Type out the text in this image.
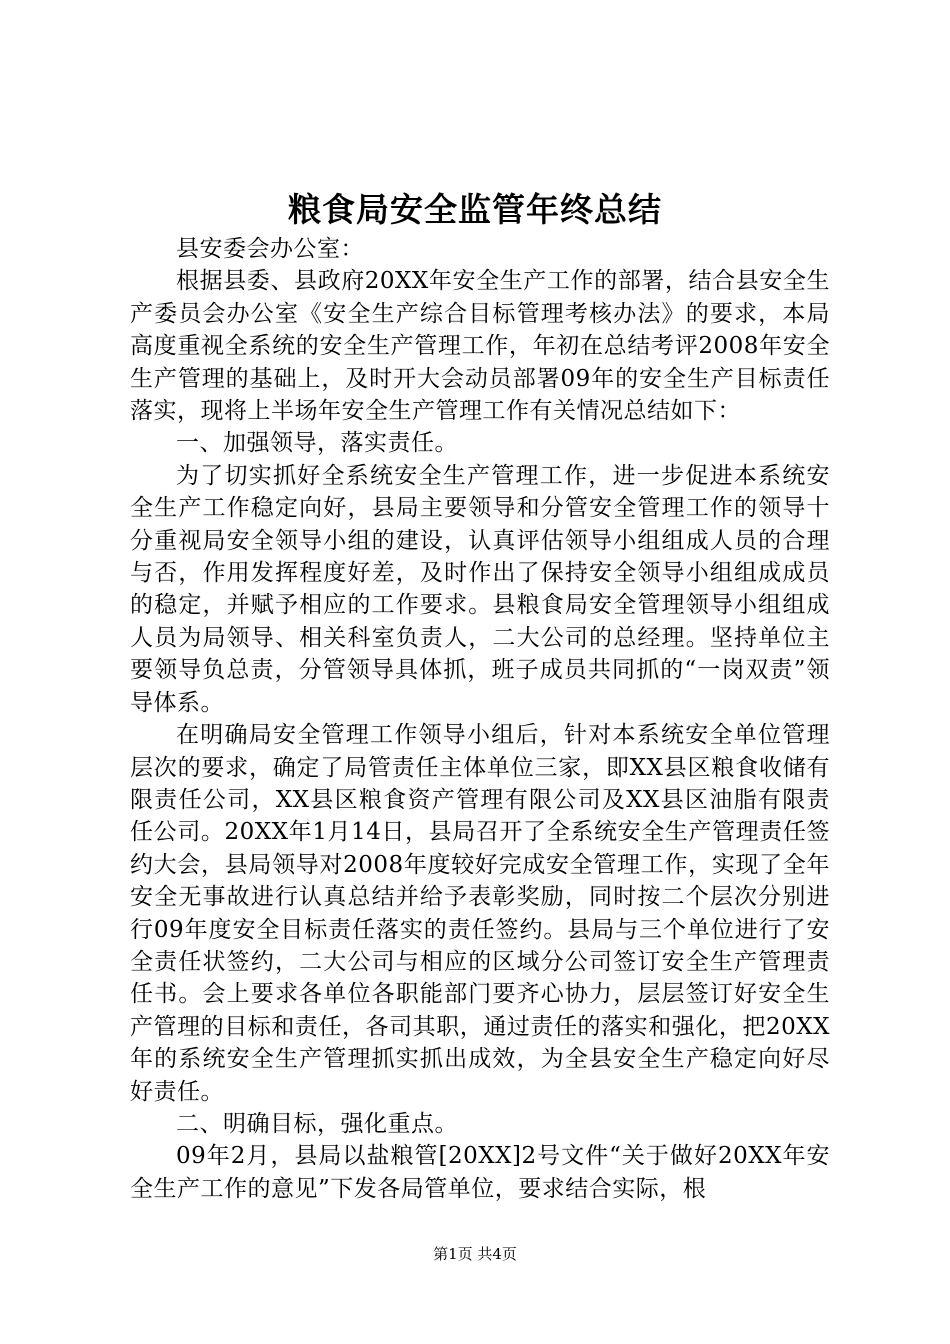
粮食局安全监管年终总结

县安委会办公室：

根据县委、县政府20XX年安全生产工作的部署，结合县安全生产委员会办公室《安全生产综合目标管理考核办法》的要求，本局高度重视全系统的安全生产管理工作，年初在总结考评2008年安全生产管理的基础上，及时开大会动员部署09年的安全生产目标责任落实，现将上半场年安全生产管理工作有关情况总结如下：

一、加强领导，落实责任。

为了切实抓好全系统安全生产管理工作，进一步促进本系统安全生产工作稳定向好，县局主要领导和分管安全管理工作的领导十分重视局安全领导小组的建设，认真评估领导小组组成人员的合理与否，作用发挥程度好差，及时作出了保持安全领导小组组成成员的稳定，并赋予相应的工作要求。县粮食局安全管理领导小组组成人员为局领导、相关科室负责人，二大公司的总经理。坚持单位主要领导负总责，分管领导具体抓，班子成员共同抓的“一岗双责”领导体系。

在明确局安全管理工作领导小组后，针对本系统安全单位管理层次的要求，确定了局管责任主体单位三家，即XX县区粮食收储有限责任公司，XX县区粮食资产管理有限公司及XX县区油脂有限责任公司。20XX年1月14日，县局召开了全系统安全生产管理责任签约大会，县局领导对2008年度较好完成安全管理工作，实现了全年安全无事故进行认真总结并给予表彰奖励，同时按二个层次分别进行09年度安全目标责任落实的责任签约。县局与三个单位进行了安全责任状签约，二大公司与相应的区域分公司签订安全生产管理责任书。会上要求各单位各职能部门要齐心协力，层层签订好安全生产管理的目标和责任，各司其职，通过责任的落实和强化，把20XX年的系统安全生产管理抓实抓出成效，为全县安全生产稳定向好尽好责任。

二、明确目标，强化重点。

09年2月，县局以盐粮管[20XX]2号文件“关于做好20XX年安全生产工作的意见”下发各局管单位，要求结合实际，根

第1页 共4页
